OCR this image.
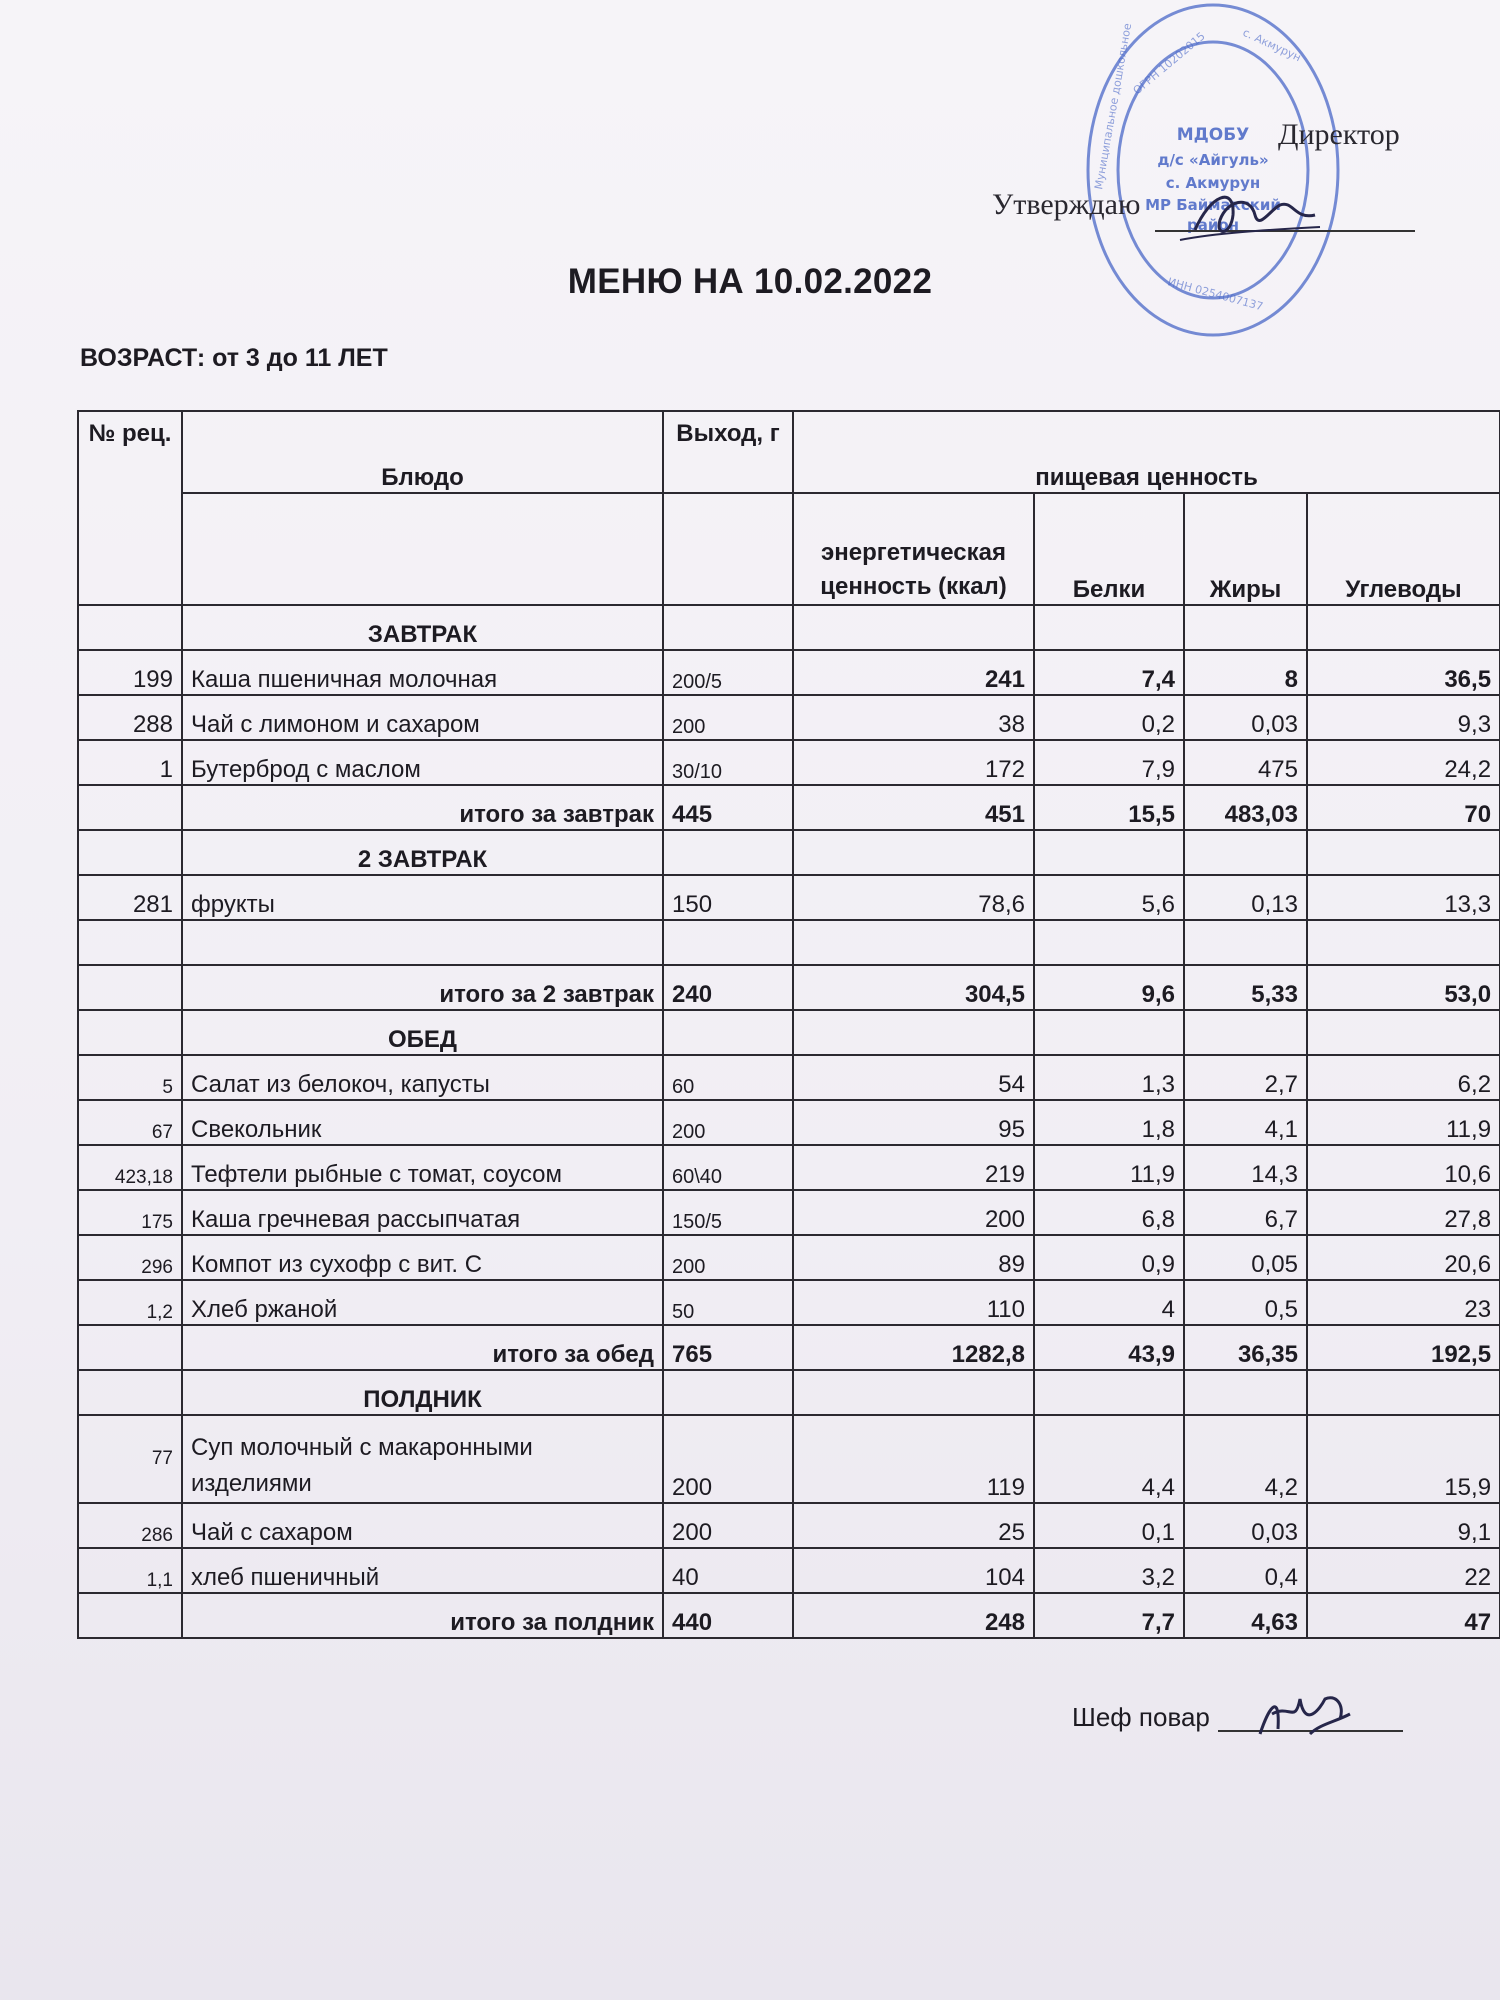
МДОБУ
д/с «Айгуль»
с. Акмурун
МР Баймакский
район
ОГРН 10202015
ИНН 0254007137
Муниципальное дошкольное	с. Акмурун
Директор
Утверждаю
МЕНЮ НА 10.02.2022
ВОЗРАСТ: от 3 до 11 ЛЕТ
№ рец.	Блюдо	Выход, г	пищевая ценность			
			энергетическая ценность (ккал)	Белки	Жиры	Углеводы
	ЗАВТРАК					
199	Каша пшеничная молочная	200/5	241	7,4	8	36,5
288	Чай с лимоном и сахаром	200	38	0,2	0,03	9,3
1	Бутерброд с маслом	30/10	172	7,9	475	24,2
	итого за завтрак	445	451	15,5	483,03	70
	2 ЗАВТРАК					
281	фрукты	150	78,6	5,6	0,13	13,3

	итого за 2 завтрак	240	304,5	9,6	5,33	53,0
	ОБЕД					
5	Салат из белокоч, капусты	60	54	1,3	2,7	6,2
67	Свекольник	200	95	1,8	4,1	11,9
423,18	Тефтели рыбные с томат, соусом	60\40	219	11,9	14,3	10,6
175	Каша гречневая рассыпчатая	150/5	200	6,8	6,7	27,8
296	Компот из сухофр с вит. С	200	89	0,9	0,05	20,6
1,2	Хлеб ржаной	50	110	4	0,5	23
	итого за обед	765	1282,8	43,9	36,35	192,5
	ПОЛДНИК					
77	Суп молочный с макаронными изделиями	200	119	4,4	4,2	15,9
286	Чай с сахаром	200	25	0,1	0,03	9,1
1,1	хлеб пшеничный	40	104	3,2	0,4	22
	итого за полдник	440	248	7,7	4,63	47
Шеф повар
